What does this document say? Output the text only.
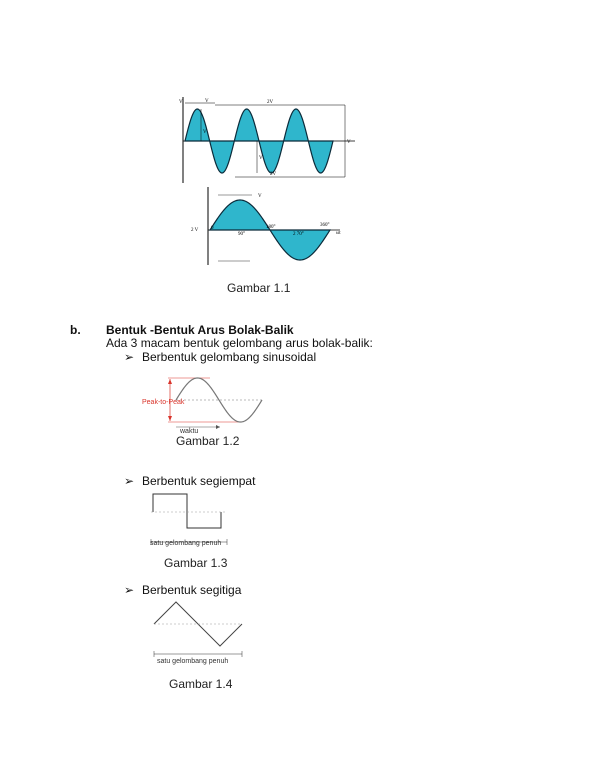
V	V	2V
V
V
2V
V
V
2 V	0
90°
180°
2 70°
360°
ωt
Gambar 1.1
b. Bentuk -Bentuk Arus Bolak-Balik
Ada 3 macam bentuk gelombang arus bolak-balik:
➢ Berbentuk gelombang sinusoidal
Peak-to-Peak
waktu
Gambar 1.2
➢ Berbentuk segiempat
satu gelombang penuh
Gambar 1.3
➢ Berbentuk segitiga
satu gelombang penuh
Gambar 1.4
